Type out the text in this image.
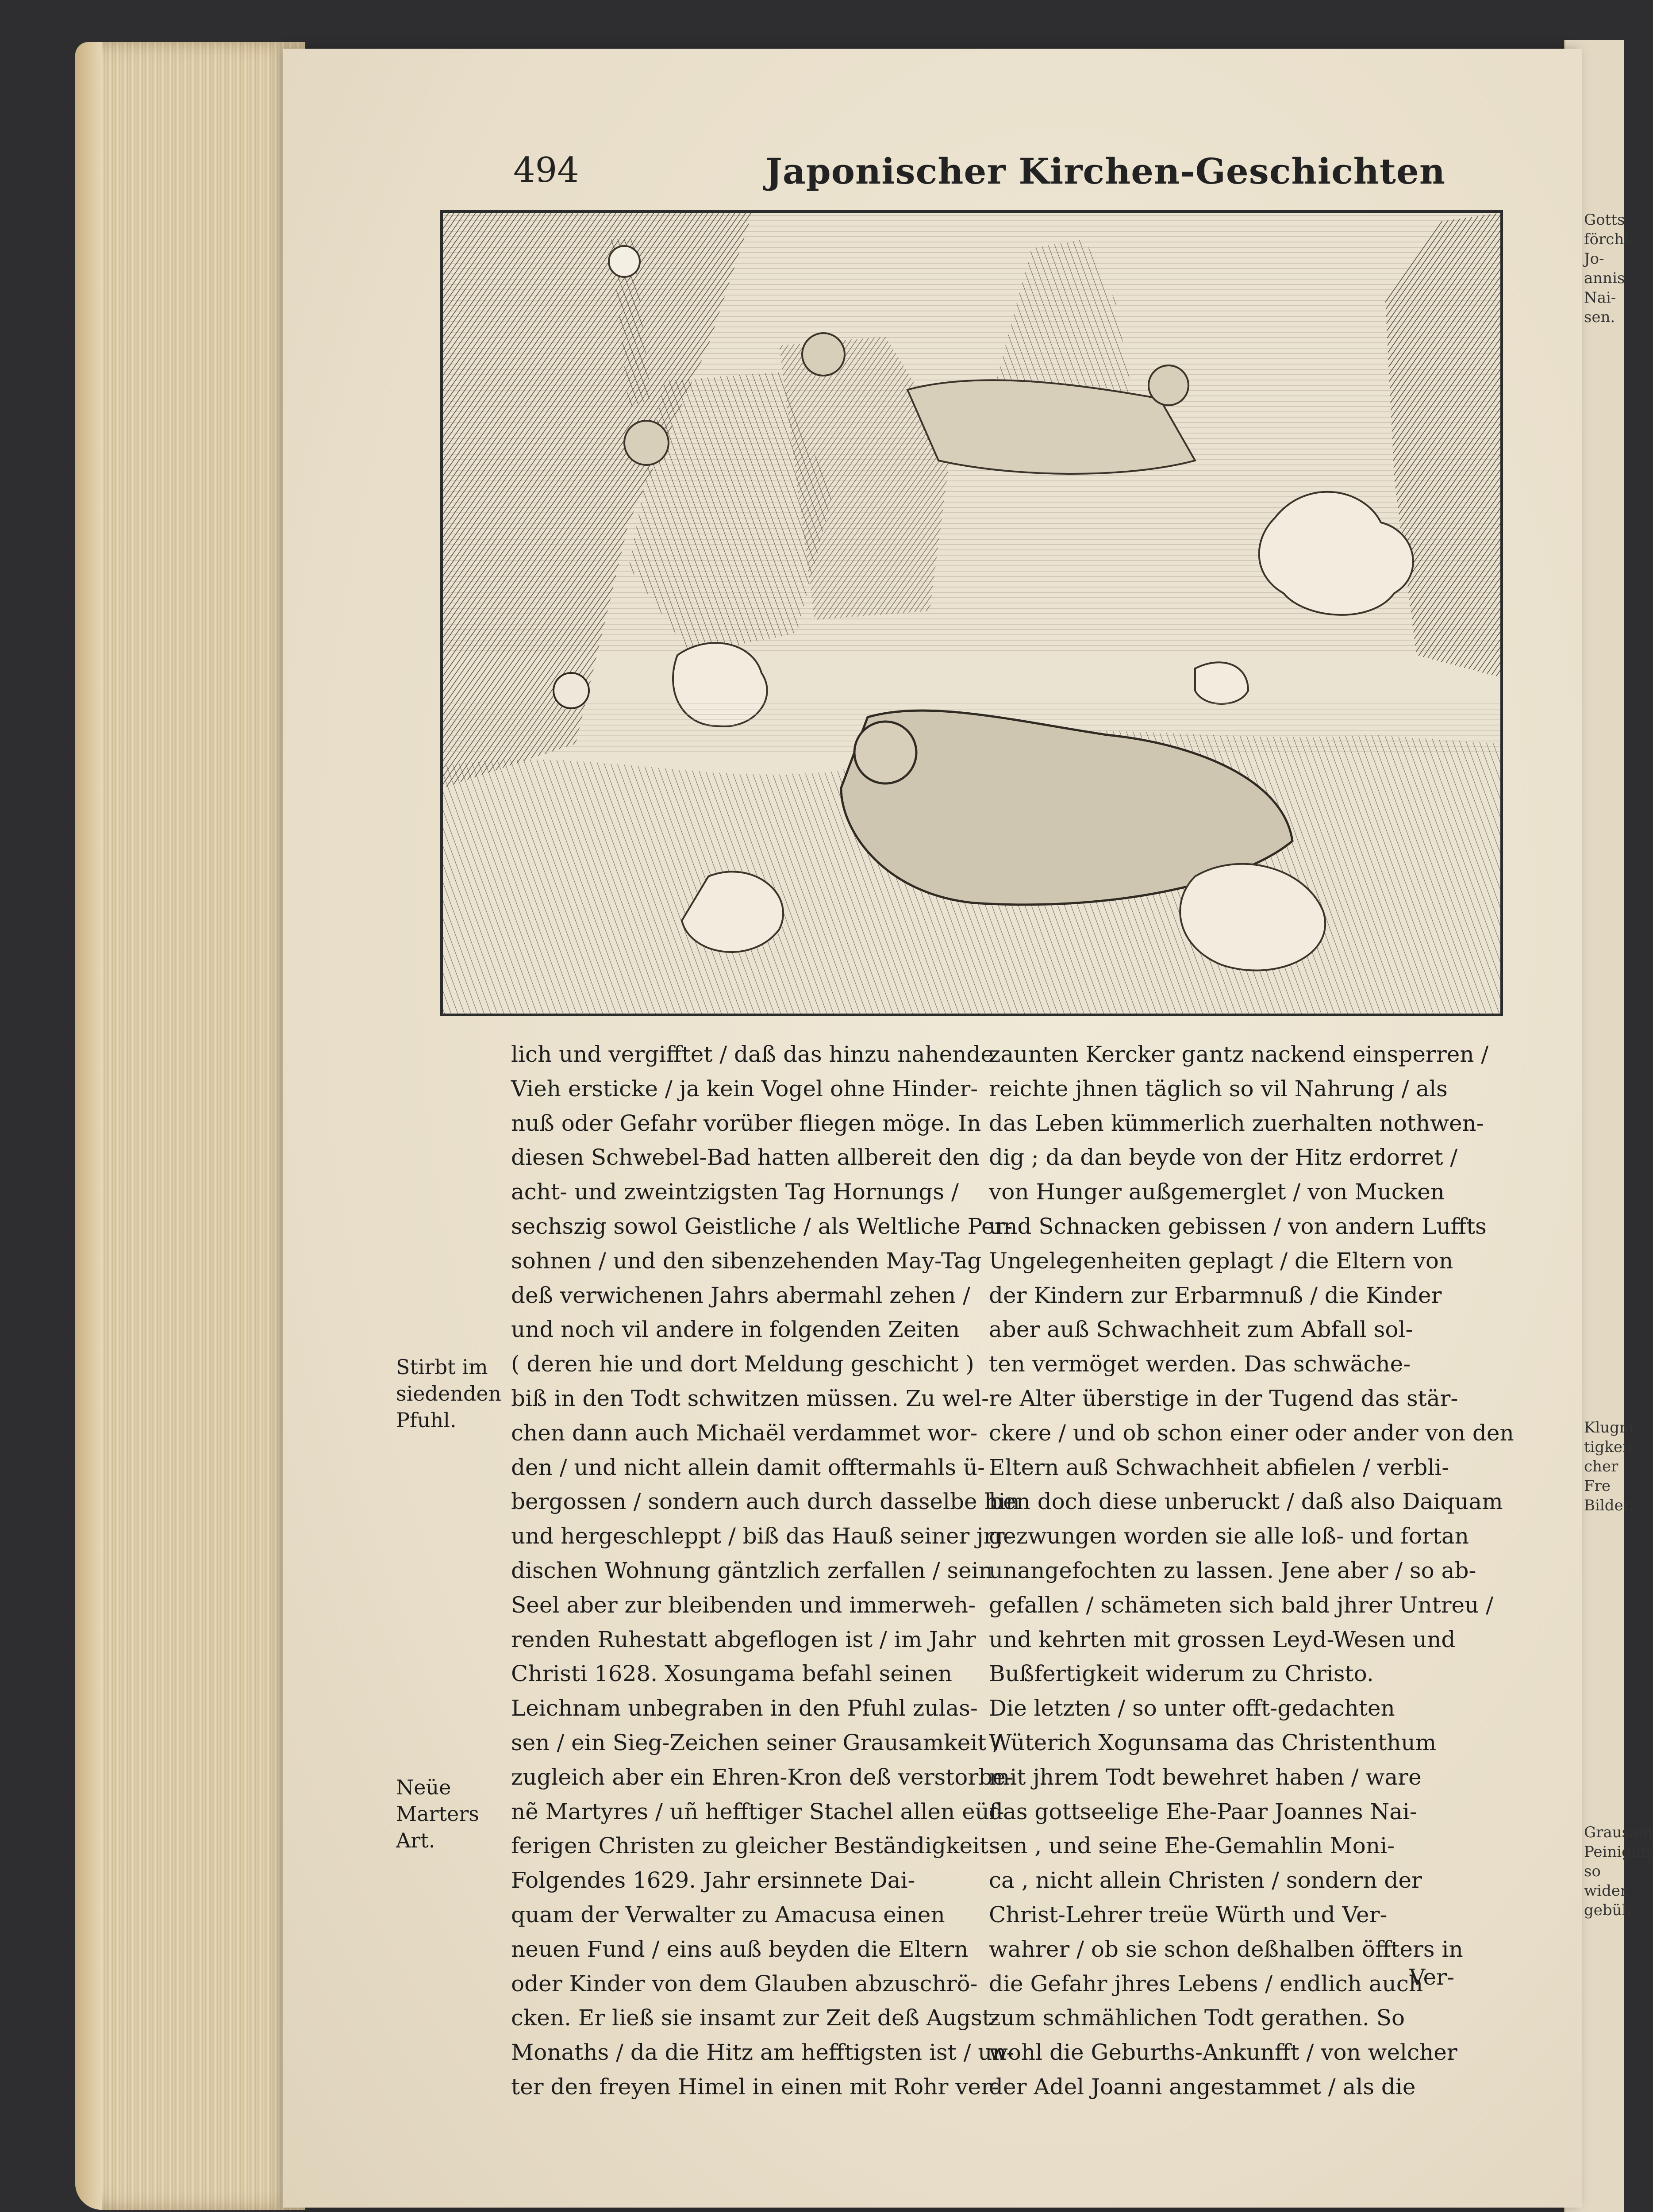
494	Japonischer Kirchen-Geschichten
lich und vergifftet / daß das hinzu nahende
Vieh ersticke / ja kein Vogel ohne Hinder-
nuß oder Gefahr vorüber fliegen möge. In
diesen Schwebel-Bad hatten allbereit den
acht- und zweintzigsten Tag Hornungs /
sechszig sowol Geistliche / als Weltliche Per-
sohnen / und den sibenzehenden May-Tag
deß verwichenen Jahrs abermahl zehen /
und noch vil andere in folgenden Zeiten
( deren hie und dort Meldung geschicht )
biß in den Todt schwitzen müssen. Zu wel-
chen dann auch Michaël verdammet wor-
den / und nicht allein damit offtermahls ü-
bergossen / sondern auch durch dasselbe hin
und hergeschleppt / biß das Hauß seiner jrr-
dischen Wohnung gäntzlich zerfallen / sein
Seel aber zur bleibenden und immerweh-
renden Ruhestatt abgeflogen ist / im Jahr
Christi 1628. Xosungama befahl seinen
Leichnam unbegraben in den Pfuhl zulas-
sen / ein Sieg-Zeichen seiner Grausamkeit /
zugleich aber ein Ehren-Kron deß verstorbe-
nẽ Martyres / uñ hefftiger Stachel allen eüf-
ferigen Christen zu gleicher Beständigkeit.
Folgendes 1629. Jahr ersinnete Dai-
quam der Verwalter zu Amacusa einen
neuen Fund / eins auß beyden die Eltern
oder Kinder von dem Glauben abzuschrö-
cken. Er ließ sie insamt zur Zeit deß Augst-
Monaths / da die Hitz am hefftigsten ist / un-
ter den freyen Himel in einen mit Rohr ver-
zaunten Kercker gantz nackend einsperren /
reichte jhnen täglich so vil Nahrung / als
das Leben kümmerlich zuerhalten nothwen-
dig ; da dan beyde von der Hitz erdorret /
von Hunger außgemerglet / von Mucken
und Schnacken gebissen / von andern Luffts
Ungelegenheiten geplagt / die Eltern von
der Kindern zur Erbarmnuß / die Kinder
aber auß Schwachheit zum Abfall sol-
ten vermöget werden. Das schwäche-
re Alter überstige in der Tugend das stär-
ckere / und ob schon einer oder ander von den
Eltern auß Schwachheit abfielen / verbli-
ben doch diese unberuckt / daß also Daiquam
gezwungen worden sie alle loß- und fortan
unangefochten zu lassen. Jene aber / so ab-
gefallen / schämeten sich bald jhrer Untreu /
und kehrten mit grossen Leyd-Wesen und
Bußfertigkeit widerum zu Christo.
Die letzten / so unter offt-gedachten
Wüterich Xogunsama das Christenthum
mit jhrem Todt bewehret haben / ware
das gottseelige Ehe-Paar Joannes Nai-
sen , und seine Ehe-Gemahlin Moni-
ca , nicht allein Christen / sondern der
Christ-Lehrer treüe Würth und Ver-
wahrer / ob sie schon deßhalben öffters in
die Gefahr jhres Lebens / endlich auch
zum schmählichen Todt gerathen. So
wohl die Geburths-Ankunfft / von welcher
der Adel Joanni angestammet / als die
Stirbt im
siedenden
Pfuhl.
Neüe
Marters
Art.
Gotts
förcht Jo-
annis Nai-
sen.
Klugm
tigkeit
cher Fre
Bilder.
Grausam
Peinigun
so wider
gebüh
Ver-
